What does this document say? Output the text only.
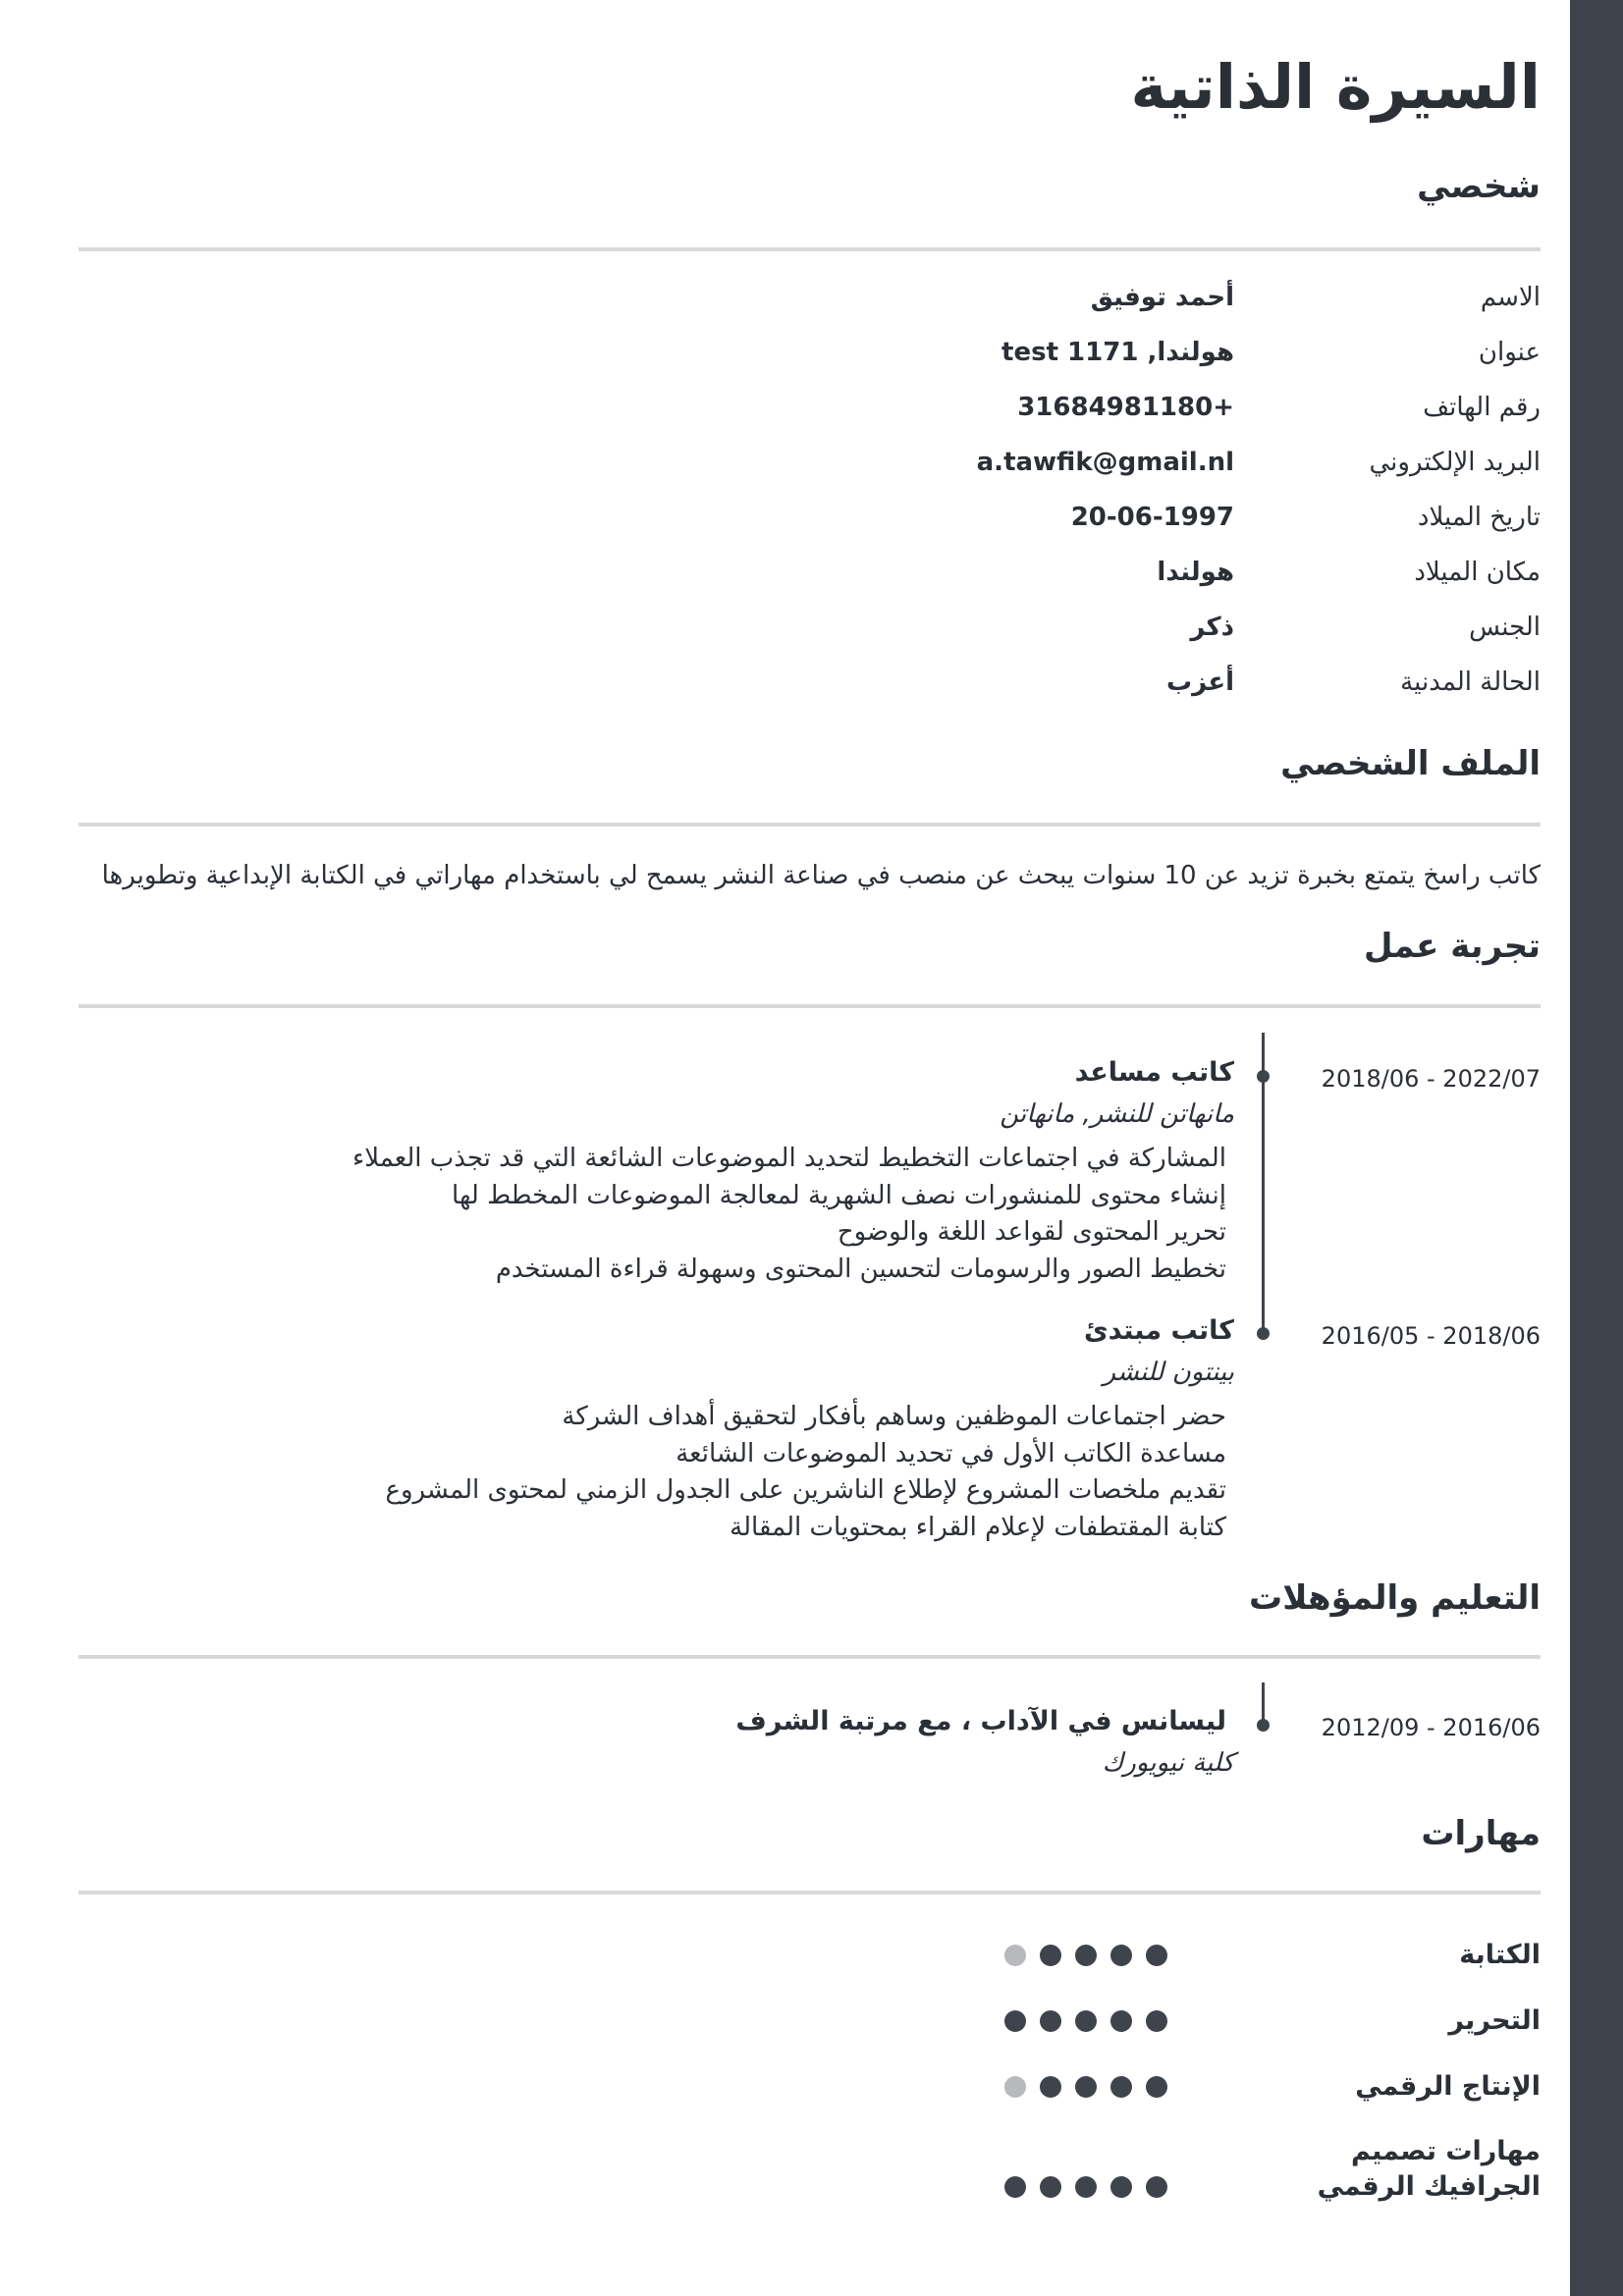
السيرة الذاتية
شخصي
الاسم
أحمد توفيق
عنوان
هولندا, test 1171
رقم الهاتف
+31684981180
البريد الإلكتروني
a.tawfik@gmail.nl
تاريخ الميلاد
20-06-1997
مكان الميلاد
هولندا
الجنس
ذكر
الحالة المدنية
أعزب
الملف الشخصي
كاتب راسخ يتمتع بخبرة تزيد عن 10 سنوات يبحث عن منصب في صناعة النشر يسمح لي باستخدام مهاراتي في الكتابة الإبداعية وتطويرها
تجربة عمل
2022/07 - 2018/06
كاتب مساعد
مانهاتن للنشر, مانهاتن
المشاركة في اجتماعات التخطيط لتحديد الموضوعات الشائعة التي قد تجذب العملاء
إنشاء محتوى للمنشورات نصف الشهرية لمعالجة الموضوعات المخطط لها
تحرير المحتوى لقواعد اللغة والوضوح
تخطيط الصور والرسومات لتحسين المحتوى وسهولة قراءة المستخدم
2018/06 - 2016/05
كاتب مبتدئ
بينتون للنشر
حضر اجتماعات الموظفين وساهم بأفكار لتحقيق أهداف الشركة
مساعدة الكاتب الأول في تحديد الموضوعات الشائعة
تقديم ملخصات المشروع لإطلاع الناشرين على الجدول الزمني لمحتوى المشروع
كتابة المقتطفات لإعلام القراء بمحتويات المقالة
التعليم والمؤهلات
2016/06 - 2012/09
ليسانس في الآداب ، مع مرتبة الشرف
كلية نيويورك
مهارات
الكتابة
التحرير
الإنتاج الرقمي
مهارات تصميم الجرافيك الرقمي
